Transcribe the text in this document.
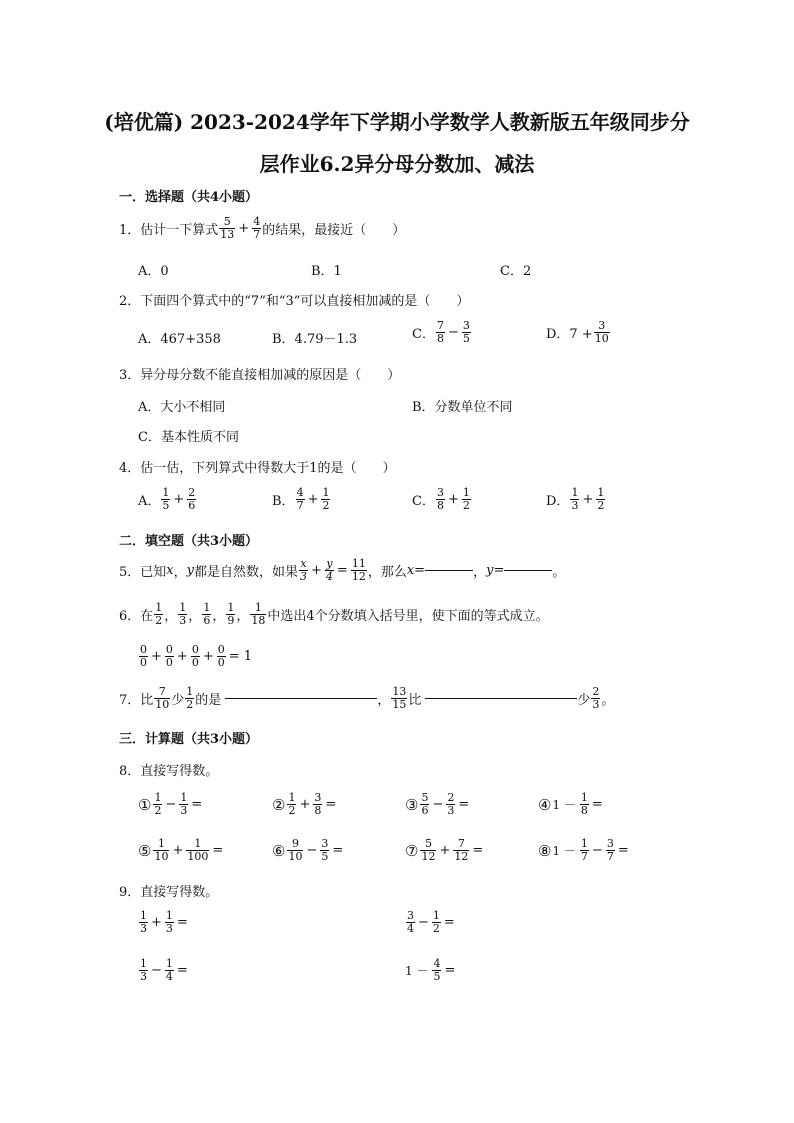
(培优篇) 2023-2024学年下学期小学数学人教新版五年级同步分
层作业6.2异分母分数加、减法
一．选择题（共4小题）
1．估计一下算式 $\frac{5}{13} + \frac{4}{7}$ 的结果，最接近（　　）
A．0	B．1	C．2
2．下面四个算式中的“7”和“3”可以直接相加减的是（　　）
A．467+358	B．4.79－1.3	C． $\frac{7}{8} - \frac{3}{5}$	D．$7 + \frac{3}{10}$
3．异分母分数不能直接相加减的原因是（　　）
A．大小不相同	B．分数单位不同
C．基本性质不同
4．估一估，下列算式中得数大于1的是（　　）
A． $\frac{1}{5} + \frac{2}{6}$	B． $\frac{4}{7} + \frac{1}{2}$	C． $\frac{3}{8} + \frac{1}{2}$	D． $\frac{1}{3} + \frac{1}{2}$
二．填空题（共3小题）
5．已知 x ， y 都是自然数，如果 $\frac{x}{3} + \frac{y}{4} = \frac{11}{12}$ ，那么 x=	， y=	。
6．在 $\frac{1}{2}$ ， $\frac{1}{3}$ ， $\frac{1}{6}$ ， $\frac{1}{9}$ ， $\frac{1}{18}$ 中选出4个分数填入括号里，使下面的等式成立。
$\frac{0}{0} + \frac{0}{0} + \frac{0}{0} + \frac{0}{0} = 1$
7．比 $\frac{7}{10}$ 少 $\frac{1}{2}$ 的是	， $\frac{13}{15}$ 比	少 $\frac{2}{3}$ 。
三．计算题（共3小题）
8．直接写得数。
① $\frac{1}{2} - \frac{1}{3}$ =	② $\frac{1}{2} + \frac{3}{8}$ =	③ $\frac{5}{6} - \frac{2}{3}$ =	④ $1 - \frac{1}{8}$ =
⑤ $\frac{1}{10} + \frac{1}{100}$ =	⑥ $\frac{9}{10} - \frac{3}{5}$ =	⑦ $\frac{5}{12} + \frac{7}{12}$ =	⑧ $1 - \frac{1}{7} - \frac{3}{7}$ =
9．直接写得数。
$\frac{1}{3} + \frac{1}{3}$ =	$\frac{3}{4} - \frac{1}{2}$ =
$\frac{1}{3} - \frac{1}{4}$ =	$1 - \frac{4}{5}$ =
